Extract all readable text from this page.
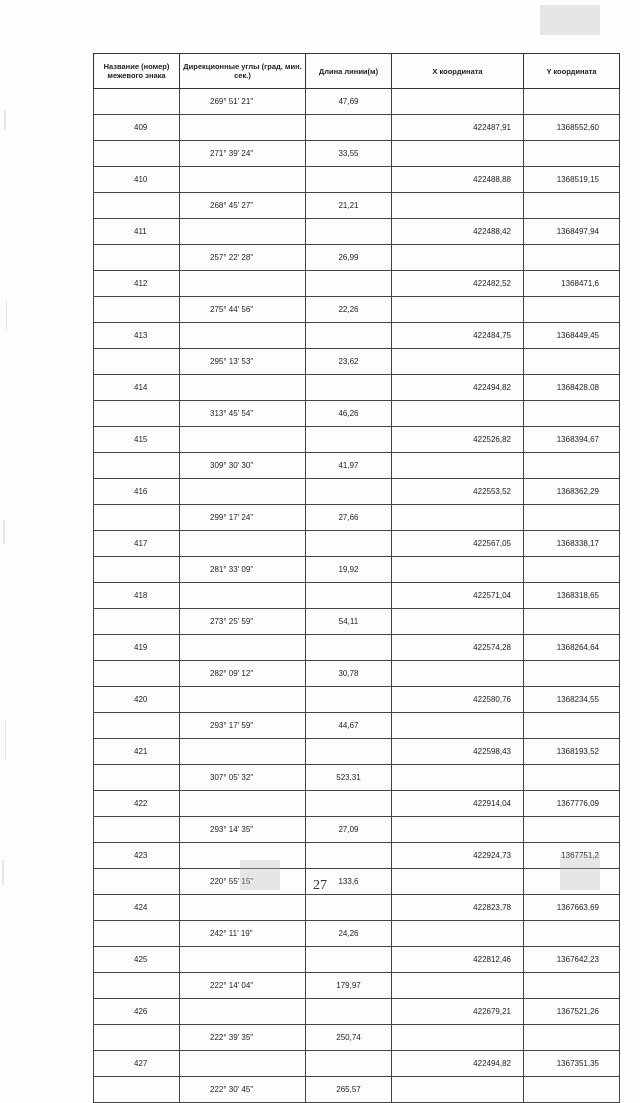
Название (номер) межевого знака	Дирекционные углы (град. мин. сек.)	Длина линии(м)	X координата	Y координата
	269° 51' 21"	47,69		
409			422487,91	1368552,60
	271° 39' 24"	33,55		
410			422488,88	1368519,15
	268° 45' 27"	21,21		
411			422488,42	1368497,94
	257° 22' 28"	26,99		
412			422482,52	1368471,6
	275° 44' 56"	22,26		
413			422484,75	1368449,45
	295° 13' 53"	23,62		
414			422494,82	1368428,08
	313° 45' 54"	46,26		
415			422526,82	1368394,67
	309° 30' 30"	41,97		
416			422553,52	1368362,29
	299° 17' 24"	27,66		
417			422567,05	1368338,17
	281° 33' 09"	19,92		
418			422571,04	1368318,65
	273° 25' 59"	54,11		
419			422574,28	1368264,64
	282° 09' 12"	30,78		
420			422580,76	1368234,55
	293° 17' 59"	44,67		
421			422598,43	1368193,52
	307° 05' 32"	523,31		
422			422914,04	1367776,09
	293° 14' 35"	27,09		
423			422924,73	1367751,2
	220° 55' 15"	133,6		
424			422823,78	1367663,69
	242° 11' 19"	24,26		
425			422812,46	1367642,23
	222° 14' 04"	179,97		
426			422679,21	1367521,26
	222° 39' 35"	250,74		
427			422494,82	1367351,35
	222° 30' 45"	265,57		
27
